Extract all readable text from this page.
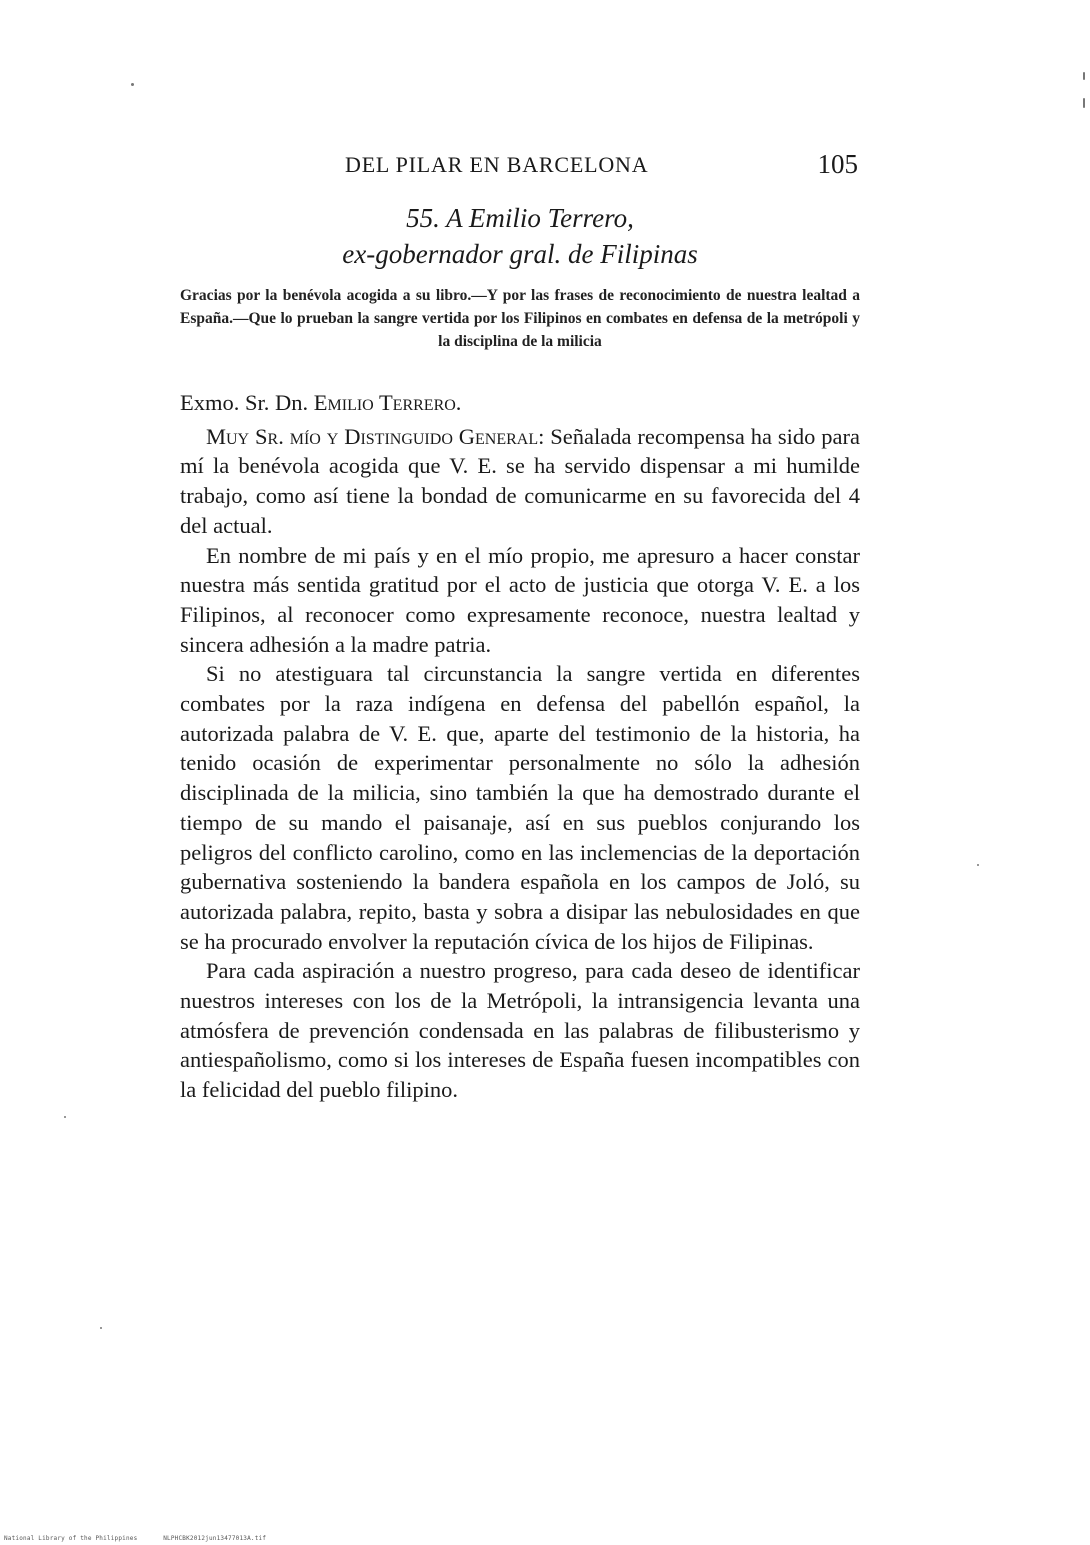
DEL PILAR EN BARCELONA	105
55. A Emilio Terrero,
ex-gobernador gral. de Filipinas
Gracias por la benévola acogida a su libro.—Y por las frases de reconocimiento de nuestra lealtad a España.—Que lo prueban la sangre vertida por los Filipinos en combates en defensa de la metrópoli y la disciplina de la milicia

Exmo. Sr. Dn. Emilio Terrero.

Muy Sr. mío y Distinguido General: Señalada recompensa ha sido para mí la benévola acogida que V. E. se ha servido dispensar a mi humilde trabajo, como así tiene la bondad de comunicarme en su favorecida del 4 del actual.

En nombre de mi país y en el mío propio, me apresuro a hacer constar nuestra más sentida gratitud por el acto de justicia que otorga V. E. a los Filipinos, al reconocer como expresamente reconoce, nuestra lealtad y sincera adhesión a la madre patria.

Si no atestiguara tal circunstancia la sangre vertida en diferentes combates por la raza indígena en defensa del pabellón español, la autorizada palabra de V. E. que, aparte del testimonio de la historia, ha tenido ocasión de experimentar personalmente no sólo la adhesión disciplinada de la milicia, sino también la que ha demostrado durante el tiempo de su mando el paisanaje, así en sus pueblos conjurando los peligros del conflicto carolino, como en las inclemencias de la deportación gubernativa sosteniendo la bandera española en los campos de Joló, su autorizada palabra, repito, basta y sobra a disipar las nebulosidades en que se ha procurado envolver la reputación cívica de los hijos de Filipinas.

Para cada aspiración a nuestro progreso, para cada deseo de identificar nuestros intereses con los de la Metrópoli, la intransigencia levanta una atmósfera de prevención condensada en las palabras de filibusterismo y antiespañolismo, como si los intereses de España fuesen incompatibles con la felicidad del pueblo filipino.

National Library of the Philippines	NLPHCBK2012jun13477013A.tif
